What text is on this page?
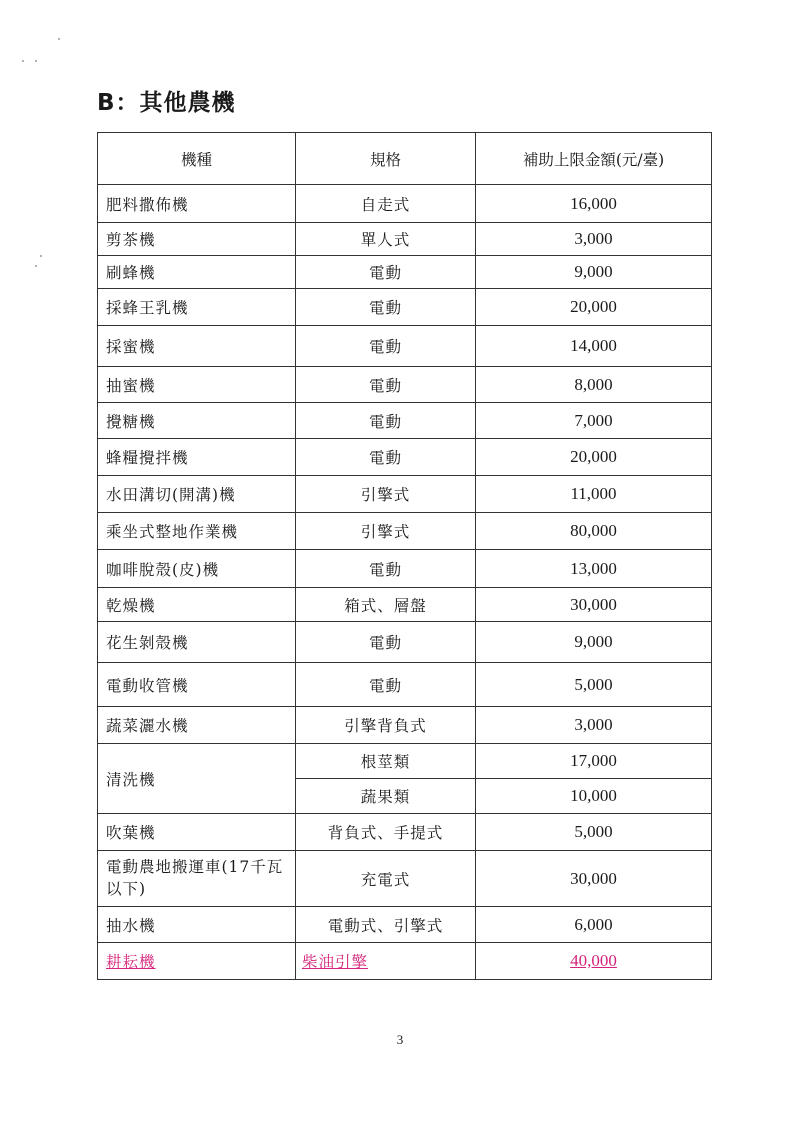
B：其他農機
機種	規格	補助上限金額(元/臺)
肥料撒佈機	自走式	16,000
剪茶機	單人式	3,000
刷蜂機	電動	9,000
採蜂王乳機	電動	20,000
採蜜機	電動	14,000
抽蜜機	電動	8,000
攪糖機	電動	7,000
蜂糧攪拌機	電動	20,000
水田溝切(開溝)機	引擎式	11,000
乘坐式整地作業機	引擎式	80,000
咖啡脫殼(皮)機	電動	13,000
乾燥機	箱式、層盤	30,000
花生剝殼機	電動	9,000
電動收管機	電動	5,000
蔬菜灑水機	引擎背負式	3,000
清洗機	根莖類	17,000
	蔬果類	10,000
吹葉機	背負式、手提式	5,000
電動農地搬運車(17千瓦以下)	充電式	30,000
抽水機	電動式、引擎式	6,000
耕耘機	柴油引擎	40,000
3
